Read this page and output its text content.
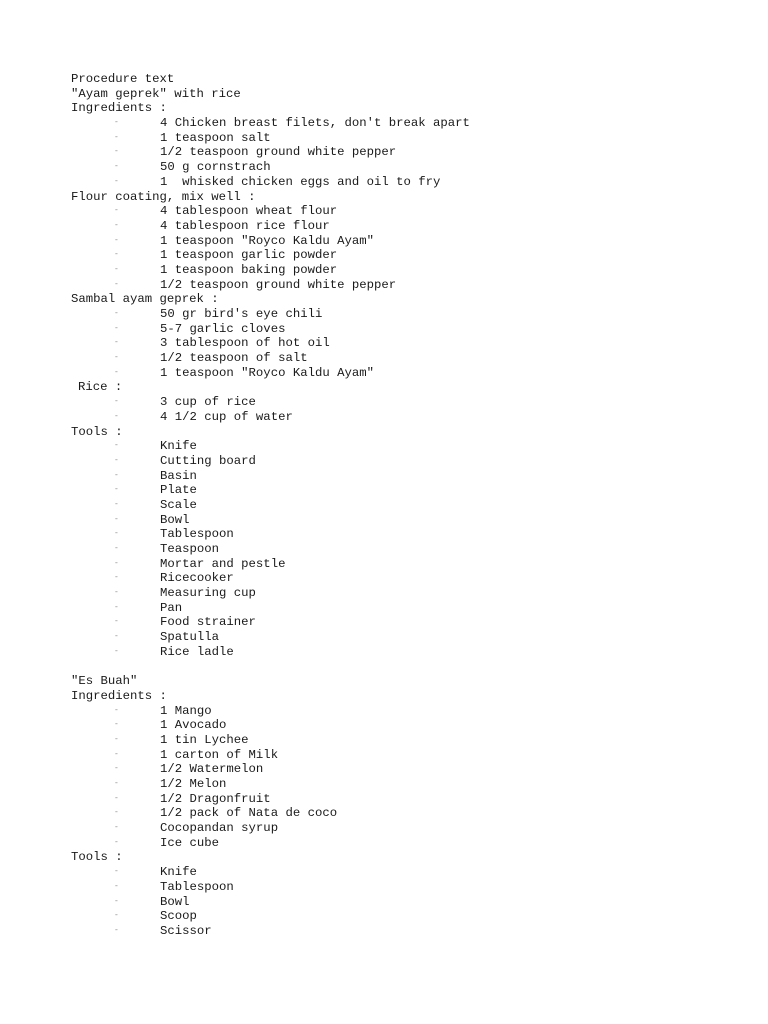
Procedure text
"Ayam geprek" with rice
Ingredients :
-	4 Chicken breast filets, don't break apart
-	1 teaspoon salt
-	1/2 teaspoon ground white pepper
-	50 g cornstrach
-	1  whisked chicken eggs and oil to fry
Flour coating, mix well :
-	4 tablespoon wheat flour
-	4 tablespoon rice flour
-	1 teaspoon "Royco Kaldu Ayam"
-	1 teaspoon garlic powder
-	1 teaspoon baking powder
-	1/2 teaspoon ground white pepper
Sambal ayam geprek :
-	50 gr bird's eye chili
-	5-7 garlic cloves
-	3 tablespoon of hot oil
-	1/2 teaspoon of salt
-	1 teaspoon "Royco Kaldu Ayam"
Rice :
-	3 cup of rice
-	4 1/2 cup of water
Tools :
-	Knife
-	Cutting board
-	Basin
-	Plate
-	Scale
-	Bowl
-	Tablespoon
-	Teaspoon
-	Mortar and pestle
-	Ricecooker
-	Measuring cup
-	Pan
-	Food strainer
-	Spatulla
-	Rice ladle
"Es Buah"
Ingredients :
-	1 Mango
-	1 Avocado
-	1 tin Lychee
-	1 carton of Milk
-	1/2 Watermelon
-	1/2 Melon
-	1/2 Dragonfruit
-	1/2 pack of Nata de coco
-	Cocopandan syrup
-	Ice cube
Tools :
-	Knife
-	Tablespoon
-	Bowl
-	Scoop
-	Scissor
